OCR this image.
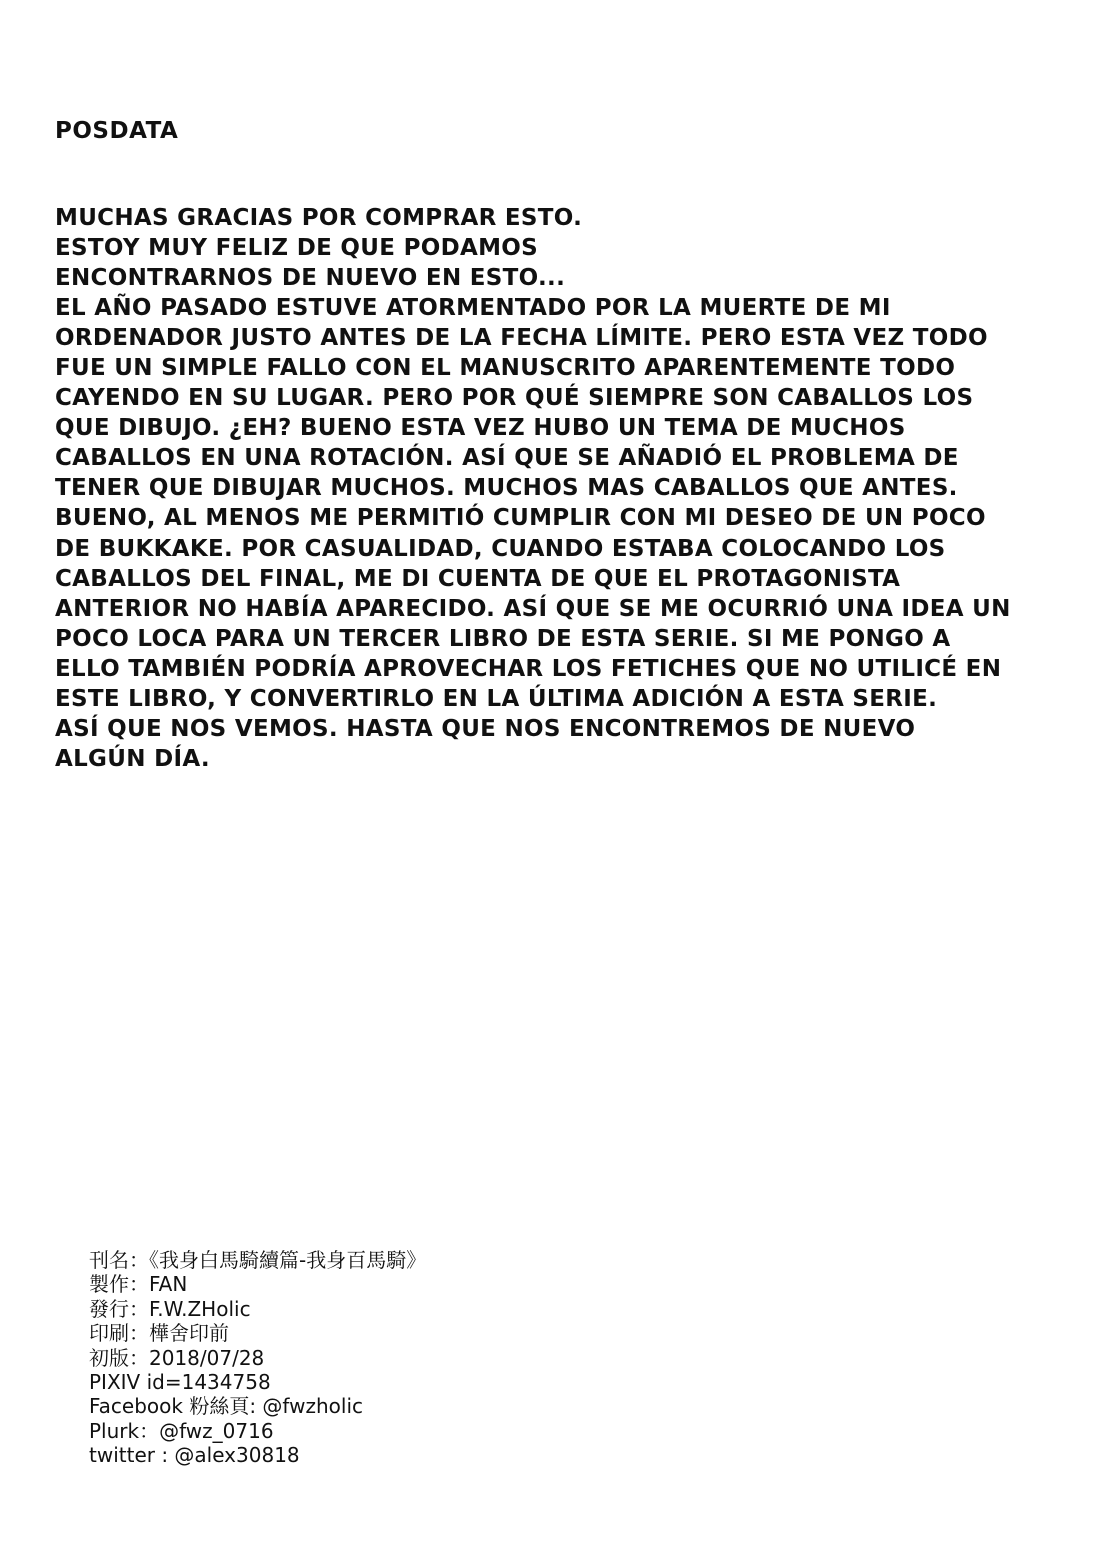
POSDATA
MUCHAS GRACIAS POR COMPRAR ESTO.
ESTOY MUY FELIZ DE QUE PODAMOS
ENCONTRARNOS DE NUEVO EN ESTO...
EL AÑO PASADO ESTUVE ATORMENTADO POR LA MUERTE DE MI
ORDENADOR JUSTO ANTES DE LA FECHA LÍMITE. PERO ESTA VEZ TODO
FUE UN SIMPLE FALLO CON EL MANUSCRITO APARENTEMENTE TODO
CAYENDO EN SU LUGAR. PERO POR QUÉ SIEMPRE SON CABALLOS LOS
QUE DIBUJO. ¿EH? BUENO ESTA VEZ HUBO UN TEMA DE MUCHOS
CABALLOS EN UNA ROTACIÓN. ASÍ QUE SE AÑADIÓ EL PROBLEMA DE
TENER QUE DIBUJAR MUCHOS. MUCHOS MAS CABALLOS QUE ANTES.
BUENO, AL MENOS ME PERMITIÓ CUMPLIR CON MI DESEO DE UN POCO
DE BUKKAKE. POR CASUALIDAD, CUANDO ESTABA COLOCANDO LOS
CABALLOS DEL FINAL, ME DI CUENTA DE QUE EL PROTAGONISTA
ANTERIOR NO HABÍA APARECIDO. ASÍ QUE SE ME OCURRIÓ UNA IDEA UN
POCO LOCA PARA UN TERCER LIBRO DE ESTA SERIE. SI ME PONGO A
ELLO TAMBIÉN PODRÍA APROVECHAR LOS FETICHES QUE NO UTILICÉ EN
ESTE LIBRO, Y CONVERTIRLO EN LA ÚLTIMA ADICIÓN A ESTA SERIE.
ASÍ QUE NOS VEMOS. HASTA QUE NOS ENCONTREMOS DE NUEVO
ALGÚN DÍA.
刊名：《我身白馬騎續篇-我身百馬騎》
製作：FAN
發行：F.W.ZHolic
印刷：樺舍印前
初版：2018/07/28
PIXIV id=1434758
Facebook 粉絲頁: @fwzholic
Plurk：@fwz_0716
twitter : @alex30818
